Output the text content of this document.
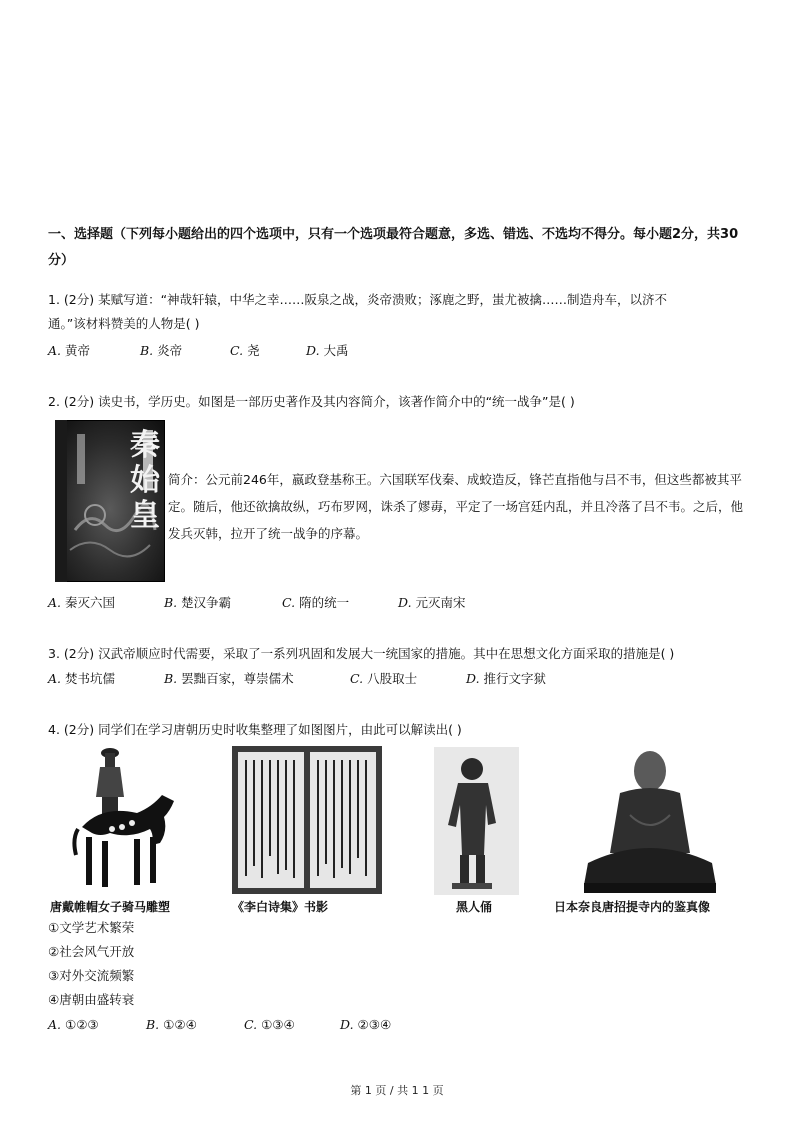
一、选择题（下列每小题给出的四个选项中，只有一个选项最符合题意，多选、错选、不选均不得分。每小题2分，共30分）
1. (2分) 某赋写道：“神哉轩辕，中华之幸……阪泉之战，炎帝溃败；涿鹿之野，蚩尤被擒……制造舟车，以济不
通。”该材料赞美的人物是( )
A. 黄帝	B. 炎帝	C. 尧	D. 大禹
2. (2分) 读史书，学历史。如图是一部历史著作及其内容简介，该著作简介中的“统一战争”是( )
秦始皇
简介：公元前246年，嬴政登基称王。六国联军伐秦、成蛟造反，锋芒直指他与吕不韦，但这些都被其平定。随后，他还欲擒故纵，巧布罗网，诛杀了嫪毐，平定了一场宫廷内乱，并且冷落了吕不韦。之后，他发兵灭韩，拉开了统一战争的序幕。
A. 秦灭六国	B. 楚汉争霸	C. 隋的统一	D. 元灭南宋
3. (2分) 汉武帝顺应时代需要，采取了一系列巩固和发展大一统国家的措施。其中在思想文化方面采取的措施是( )
A. 焚书坑儒	B. 罢黜百家，尊崇儒术	C. 八股取士	D. 推行文字狱
4. (2分) 同学们在学习唐朝历史时收集整理了如图图片，由此可以解读出( )
唐戴帷帽女子骑马雕塑	《李白诗集》书影	黑人俑	日本奈良唐招提寺内的鉴真像
①文学艺术繁荣
②社会风气开放
③对外交流频繁
④唐朝由盛转衰
A. ①②③	B. ①②④	C. ①③④	D. ②③④
第 1 页 / 共 1 1 页
